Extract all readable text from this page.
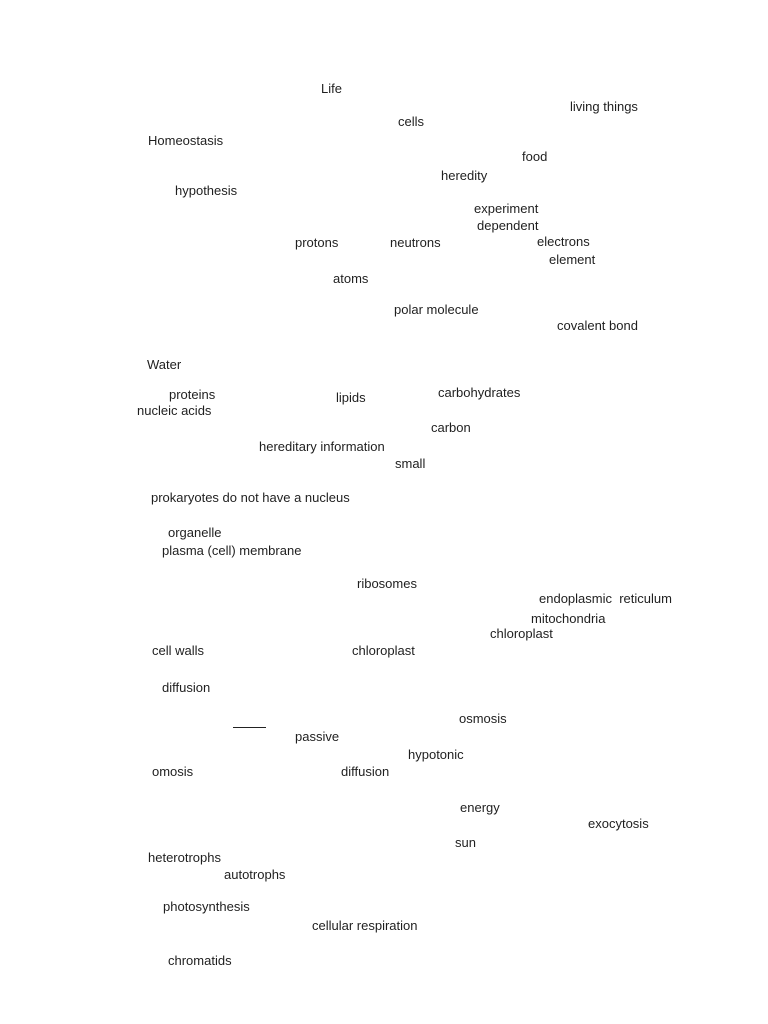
Life
living things
cells
Homeostasis
food
heredity
hypothesis
experiment
dependent
protons	neutrons	electrons
element
atoms
polar molecule
covalent bond
Water
proteins	lipids	carbohydrates
nucleic acids
carbon
hereditary information
small
prokaryotes do not have a nucleus
organelle
plasma (cell) membrane
ribosomes
endoplasmic  reticulum
mitochondria
chloroplast
cell walls	chloroplast
diffusion
osmosis
passive
hypotonic
omosis	diffusion
energy
exocytosis
sun
heterotrophs
autotrophs
photosynthesis
cellular respiration
chromatids
